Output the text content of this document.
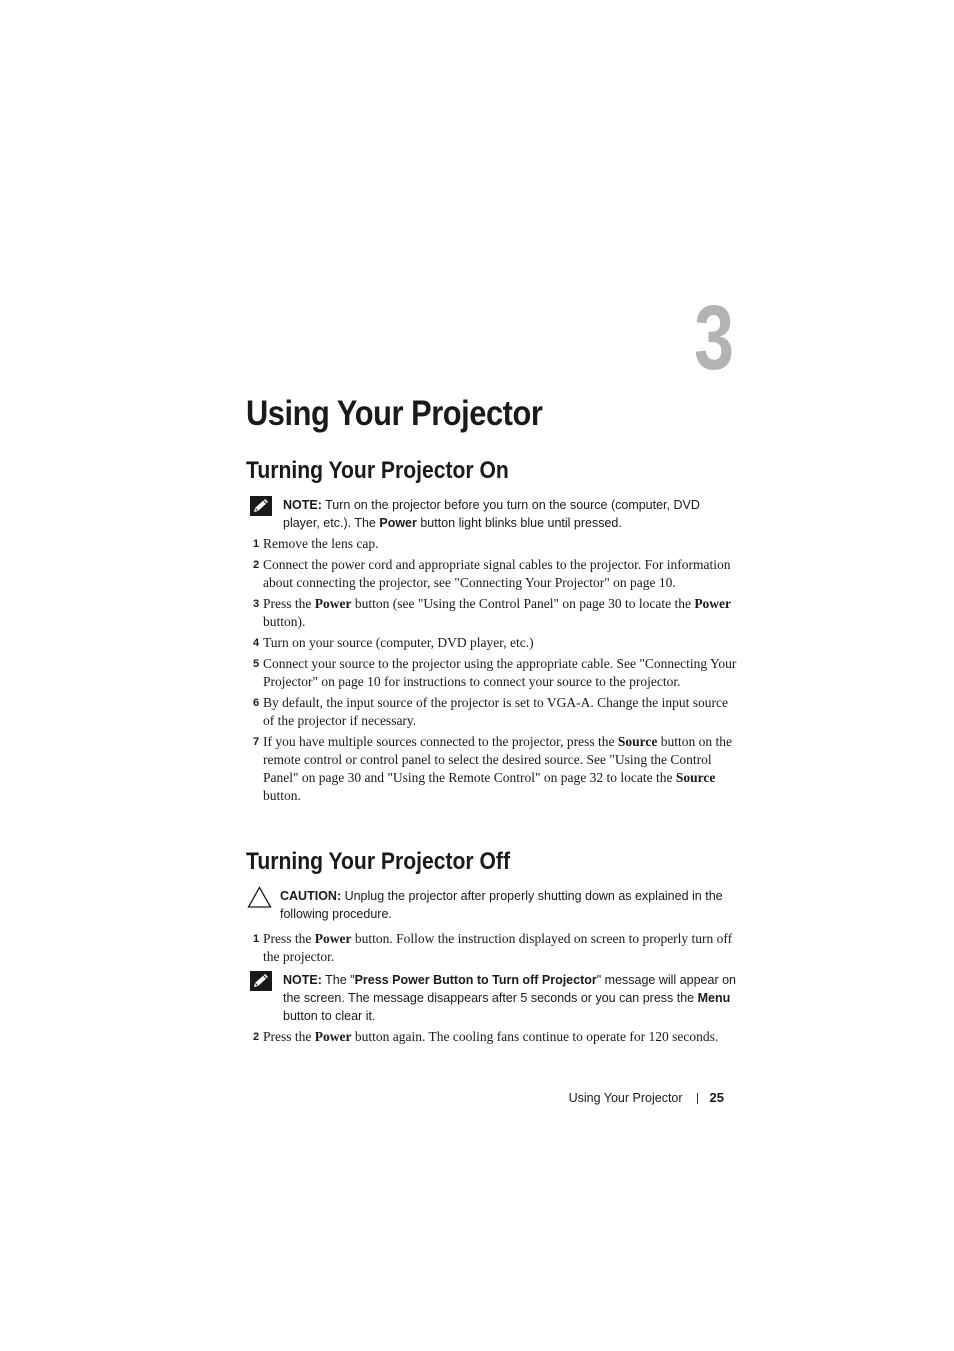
3
Using Your Projector
Turning Your Projector On
NOTE: Turn on the projector before you turn on the source (computer, DVD player, etc.). The Power button light blinks blue until pressed.
1 Remove the lens cap.
2 Connect the power cord and appropriate signal cables to the projector. For information about connecting the projector, see "Connecting Your Projector" on page 10.
3 Press the Power button (see "Using the Control Panel" on page 30 to locate the Power button).
4 Turn on your source (computer, DVD player, etc.)
5 Connect your source to the projector using the appropriate cable. See "Connecting Your Projector" on page 10 for instructions to connect your source to the projector.
6 By default, the input source of the projector is set to VGA-A. Change the input source of the projector if necessary.
7 If you have multiple sources connected to the projector, press the Source button on the remote control or control panel to select the desired source. See "Using the Control Panel" on page 30 and "Using the Remote Control" on page 32 to locate the Source button.
Turning Your Projector Off
CAUTION: Unplug the projector after properly shutting down as explained in the following procedure.
1 Press the Power button. Follow the instruction displayed on screen to properly turn off the projector.
NOTE: The "Press Power Button to Turn off Projector" message will appear on the screen. The message disappears after 5 seconds or you can press the Menu button to clear it.
2 Press the Power button again. The cooling fans continue to operate for 120 seconds.
Using Your Projector 25
